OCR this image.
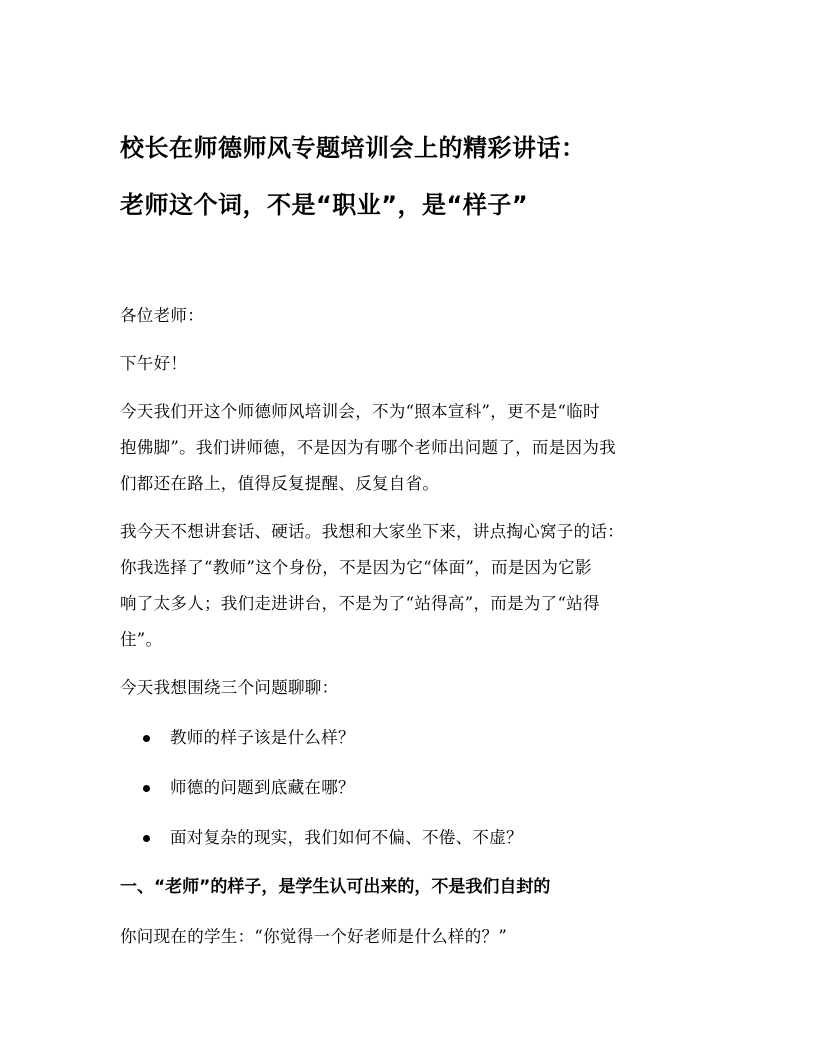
校长在师德师风专题培训会上的精彩讲话：
老师这个词，不是“职业”，是“样子”

各位老师：

下午好！

今天我们开这个师德师风培训会，不为“照本宣科”，更不是“临时

抱佛脚”。我们讲师德，不是因为有哪个老师出问题了，而是因为我

们都还在路上，值得反复提醒、反复自省。

我今天不想讲套话、硬话。我想和大家坐下来，讲点掏心窝子的话：

你我选择了“教师”这个身份，不是因为它“体面”，而是因为它影

响了太多人；我们走进讲台，不是为了“站得高”，而是为了“站得

住”。

今天我想围绕三个问题聊聊：

教师的样子该是什么样？

师德的问题到底藏在哪？

面对复杂的现实，我们如何不偏、不倦、不虚？

一、“老师”的样子，是学生认可出来的，不是我们自封的

你问现在的学生：“你觉得一个好老师是什么样的？”
